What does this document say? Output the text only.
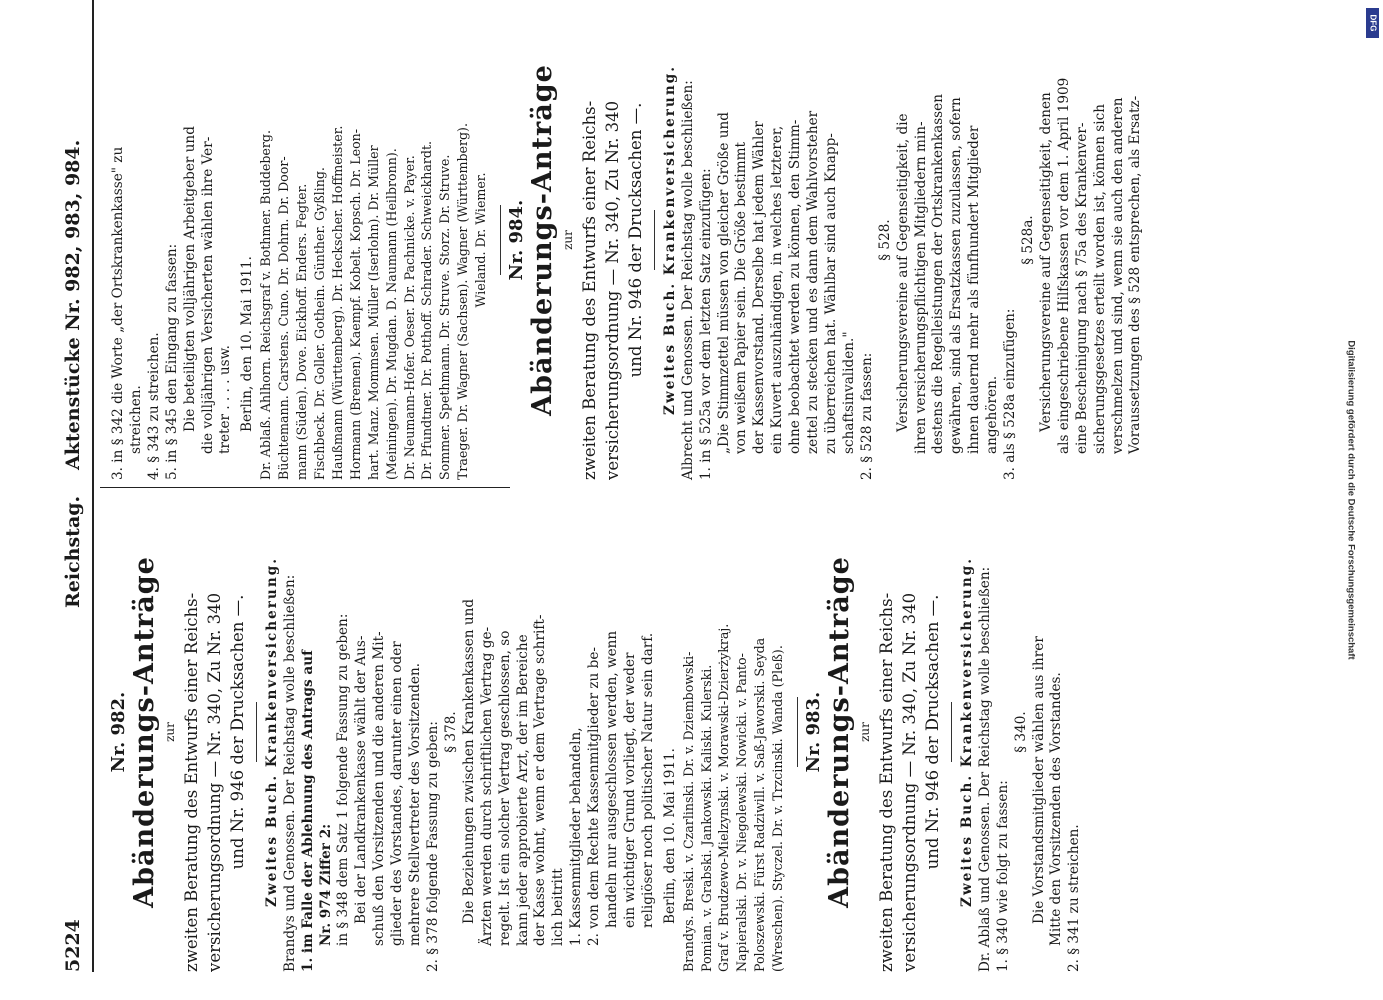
5224
Reichstag.
Aktenstücke Nr. 982, 983, 984.

Nr. 982. Abänderungs-Anträge zur zweiten Beratung des Entwurfs einer Reichs- versicherungsordnung — Nr. 340, Zu Nr. 340 und Nr. 946 der Drucksachen —. Zweites Buch. Krankenversicherung. Brandys und Genossen. Der Reichstag wolle beschließen: 1. im Falle der Ablehnung des Antrags auf Nr. 974 Ziffer 2: in § 348 dem Satz 1 folgende Fassung zu geben: Bei der Landkrankenkasse wählt der Aus- schuß den Vorsitzenden und die anderen Mit- glieder des Vorstandes, darunter einen oder mehrere Stellvertreter des Vorsitzenden. 2. § 378 folgende Fassung zu geben: § 378. Die Beziehungen zwischen Krankenkassen und Ärzten werden durch schriftlichen Vertrag ge- regelt. Ist ein solcher Vertrag geschlossen, so kann jeder approbierte Arzt, der im Bereiche der Kasse wohnt, wenn er dem Vertrage schrift- lich beitritt 1. Kassenmitglieder behandeln, 2. von dem Rechte Kassenmitglieder zu be- handeln nur ausgeschlossen werden, wenn ein wichtiger Grund vorliegt, der weder religiöser noch politischer Natur sein darf. Berlin, den 10. Mai 1911. Brandys. Breski. v. Czarlinski. Dr. v. Dziembowski- Pomian. v. Grabski. Jankowski. Kaliski. Kulerski. Graf v. Brudzewo-Mielzynski. v. Morawski-Dzierżykraj. Napieralski. Dr. v. Niegolewski. Nowicki. v. Panto- Poloszewski. Fürst Radziwill. v. Saß-Jaworski. Seyda (Wreschen). Styczel. Dr. v. Trzcinski. Wanda (Pleß). Nr. 983. Abänderungs-Anträge zur zweiten Beratung des Entwurfs einer Reichs- versicherungsordnung — Nr. 340, Zu Nr. 340 und Nr. 946 der Drucksachen —. Zweites Buch. Krankenversicherung. Dr. Ablaß und Genossen. Der Reichstag wolle beschließen: 1. § 340 wie folgt zu fassen:

§ 340. Die Vorstandsmitglieder wählen aus ihrer Mitte den Vorsitzenden des Vorstandes. 2. § 341 zu streichen.

3. in § 342 die Worte „der Ortskrankenkasse" zu streichen. 4. § 343 zu streichen. 5. in § 345 den Eingang zu fassen: Die beteiligten volljährigen Arbeitgeber und die volljährigen Versicherten wählen ihre Ver- treter . . . . usw. Berlin, den 10. Mai 1911. Dr. Ablaß. Ahlhorn. Reichsgraf v. Bothmer. Buddeberg. Büchtemann. Carstens. Cuno. Dr. Dohrn. Dr. Door- mann (Süden). Dove. Eickhoff. Enders. Fegter. Fischbeck. Dr. Goller. Gothein. Günther. Gyßling. Haußmann (Württemberg). Dr. Heckscher. Hoffmeister. Hormann (Bremen). Kaempf. Kobelt. Kopsch. Dr. Leon- hart. Manz. Mommsen. Müller (Iserlohn). Dr. Müller (Meiningen). Dr. Mugdan. D. Naumann (Heilbronn). Dr. Neumann-Hofer. Oeser. Dr. Pachnicke. v. Payer. Dr. Pfundtner. Dr. Potthoff. Schrader. Schweickhardt. Sommer. Spethmann. Dr. Struve. Storz. Dr. Struve. Traeger. Dr. Wagner (Sachsen). Wagner (Württemberg). Wieland. Dr. Wiemer. Nr. 984. Abänderungs-Anträge zur zweiten Beratung des Entwurfs einer Reichs- versicherungsordnung — Nr. 340, Zu Nr. 340 und Nr. 946 der Drucksachen —. Zweites Buch. Krankenversicherung. Albrecht und Genossen. Der Reichstag wolle beschließen: 1. in § 525a vor dem letzten Satz einzufügen: „Die Stimmzettel müssen von gleicher Größe und von weißem Papier sein. Die Größe bestimmt der Kassenvorstand. Derselbe hat jedem Wähler ein Kuvert auszuhändigen, in welches letzterer, ohne beobachtet werden zu können, den Stimm- zettel zu stecken und es dann dem Wahlvorsteher zu überreichen hat. Wählbar sind auch Knapp- schaftsinvaliden." 2. § 528 zu fassen:

§ 528. Versicherungsvereine auf Gegenseitigkeit, die ihren versicherungspflichtigen Mitgliedern min- destens die Regelleistungen der Ortskrankenkassen gewähren, sind als Ersatzkassen zuzulassen, sofern ihnen dauernd mehr als fünfhundert Mitglieder angehören. 3. als § 528a einzufügen:

§ 528a. Versicherungsvereine auf Gegenseitigkeit, denen als eingeschriebene Hilfskassen vor dem 1. April 1909 eine Bescheinigung nach § 75a des Krankenver- sicherungsgesetzes erteilt worden ist, können sich verschmelzen und sind, wenn sie auch den anderen Voraussetzungen des § 528 entsprechen, als Ersatz-

Digitalisierung gefördert durch die Deutsche Forschungsgemeinschaft
DFG
